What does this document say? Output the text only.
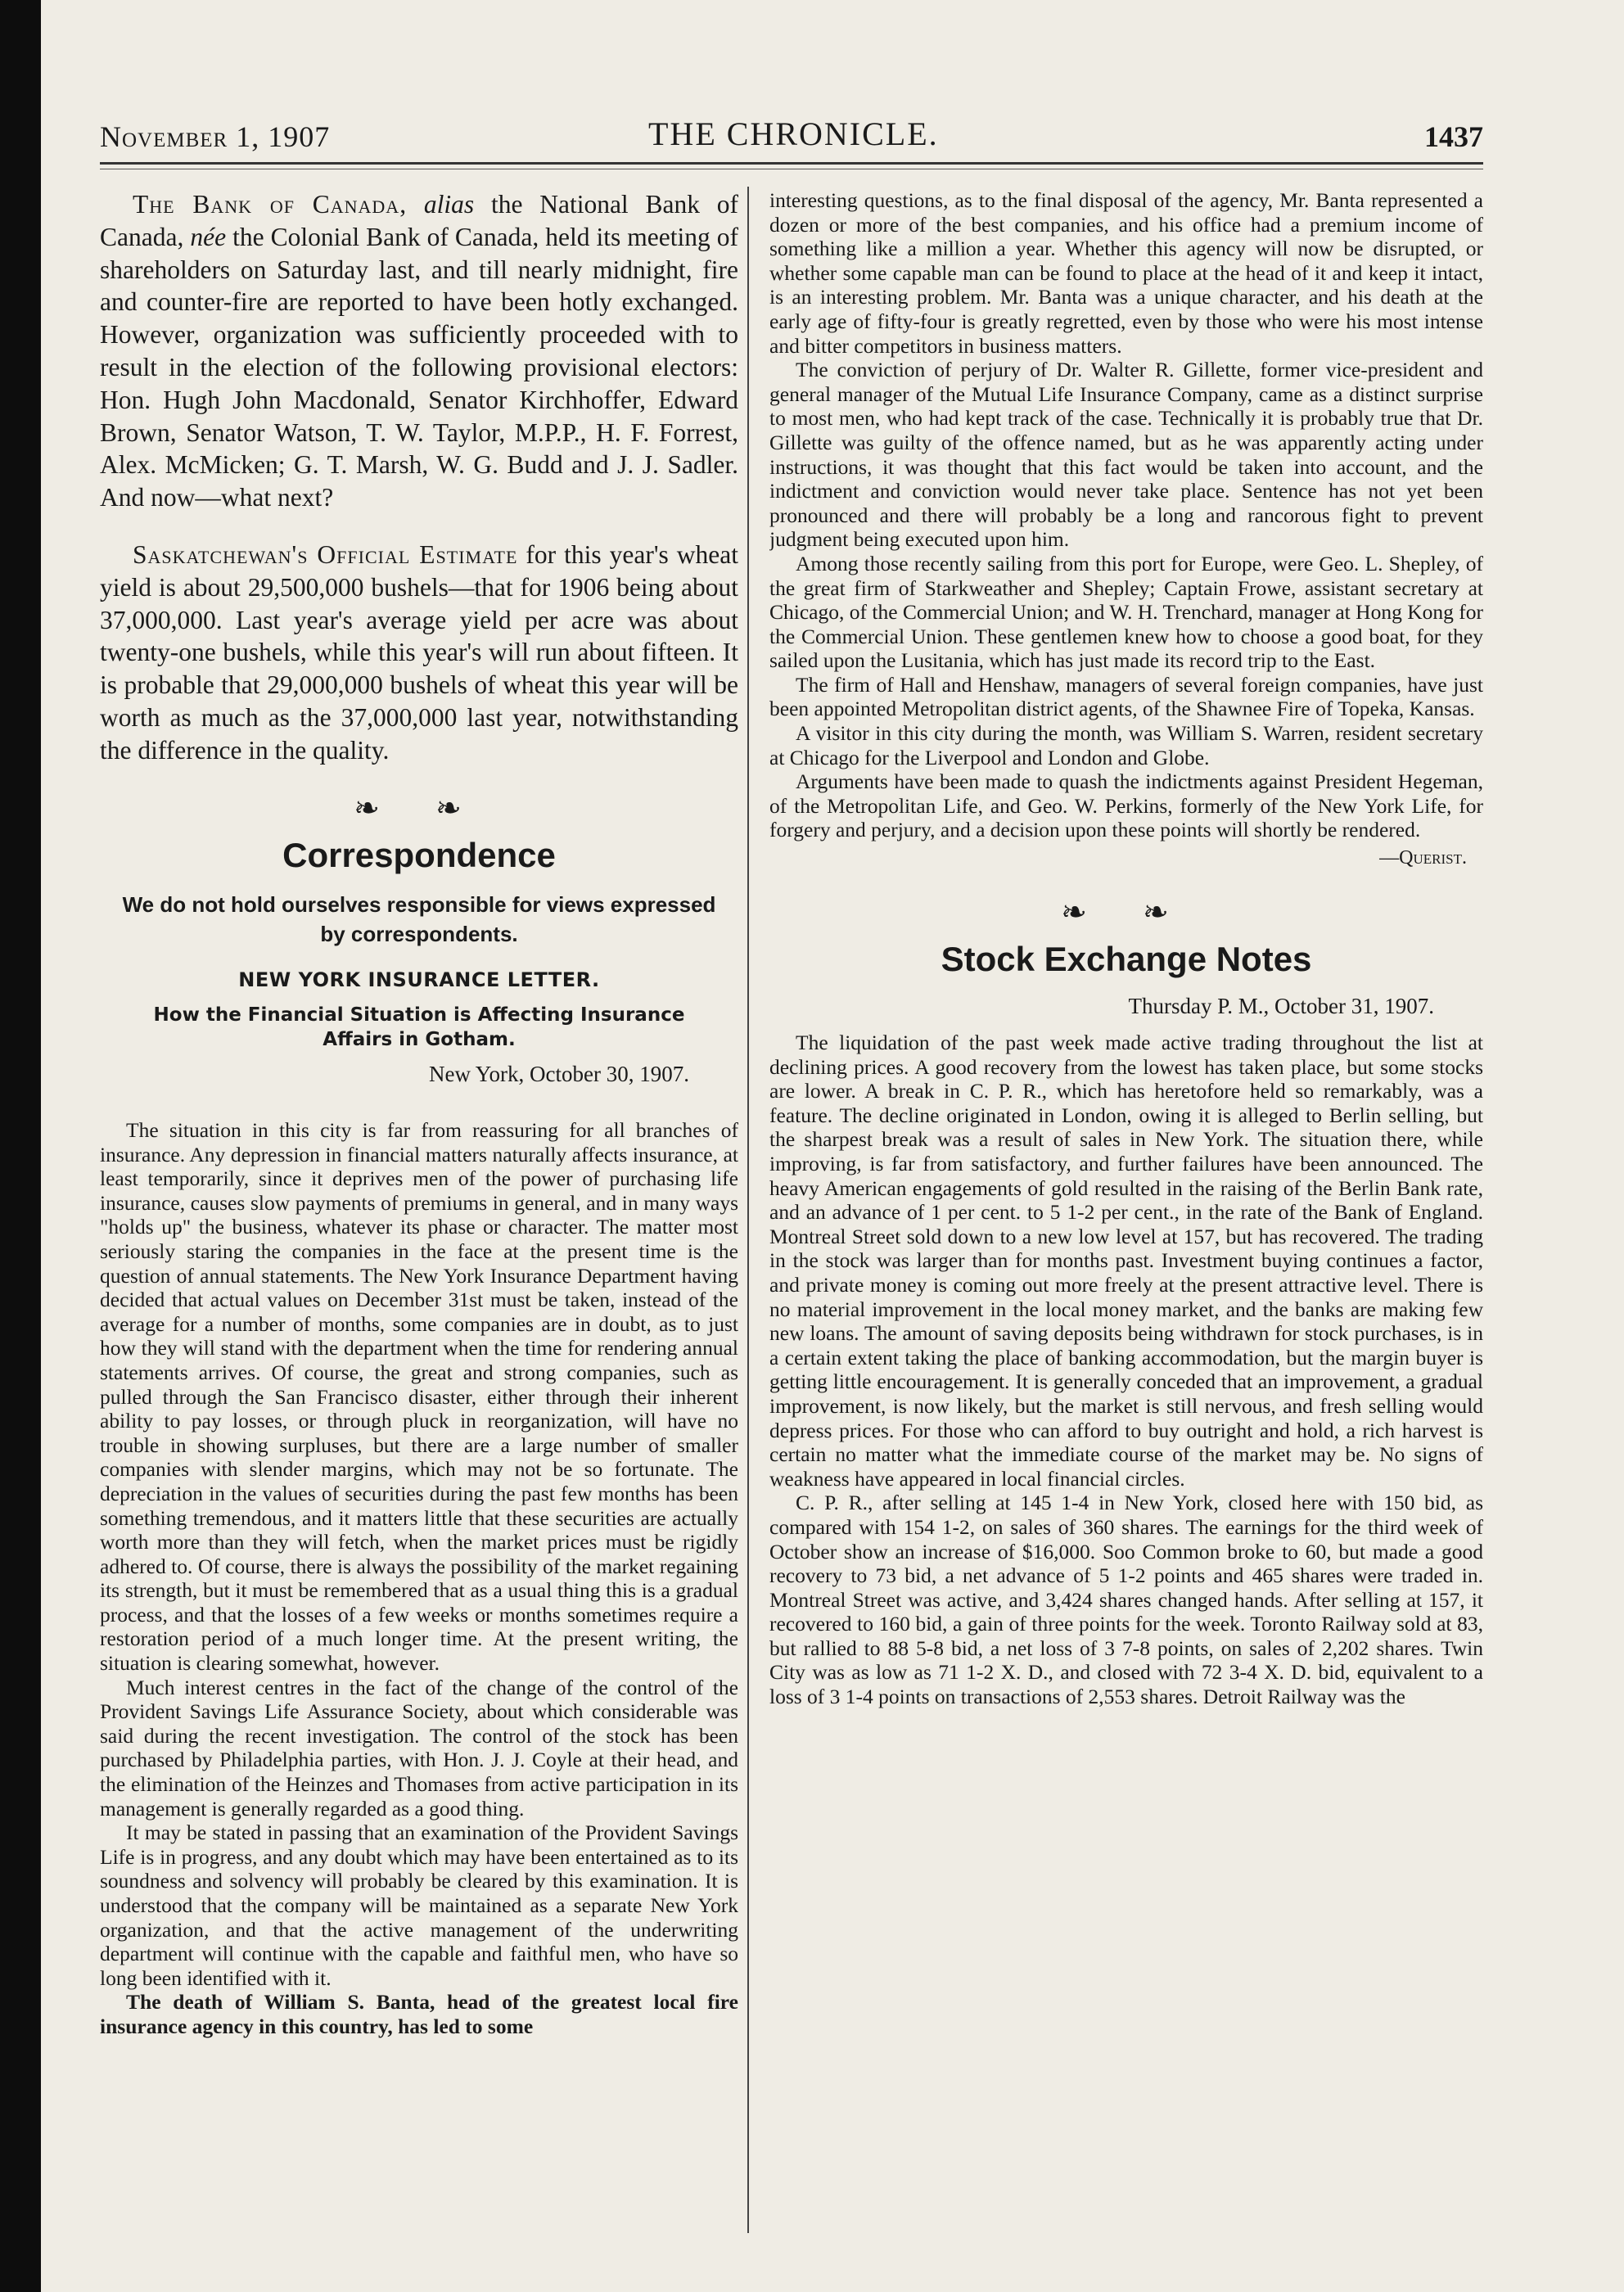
November 1, 1907	THE CHRONICLE.	1437

The Bank of Canada, alias the National Bank of Canada, née the Colonial Bank of Canada, held its meeting of shareholders on Saturday last, and till nearly midnight, fire and counter-fire are reported to have been hotly exchanged. However, organization was sufficiently proceeded with to result in the election of the following provisional electors: Hon. Hugh John Macdonald, Senator Kirchhoffer, Edward Brown, Senator Watson, T. W. Taylor, M.P.P., H. F. Forrest, Alex. McMicken; G. T. Marsh, W. G. Budd and J. J. Sadler. And now—what next?

Saskatchewan's Official Estimate for this year's wheat yield is about 29,500,000 bushels—that for 1906 being about 37,000,000. Last year's average yield per acre was about twenty-one bushels, while this year's will run about fifteen. It is probable that 29,000,000 bushels of wheat this year will be worth as much as the 37,000,000 last year, notwithstanding the difference in the quality.

❧ ❧
Correspondence
We do not hold ourselves responsible for views expressed
by correspondents.
NEW YORK INSURANCE LETTER.
How the Financial Situation is Affecting Insurance
Affairs in Gotham.
New York, October 30, 1907.

The situation in this city is far from reassuring for all branches of insurance. Any depression in financial matters naturally affects insurance, at least temporarily, since it deprives men of the power of purchasing life insurance, causes slow payments of premiums in general, and in many ways "holds up" the business, whatever its phase or character. The matter most seriously staring the companies in the face at the present time is the question of annual statements. The New York Insurance Department having decided that actual values on December 31st must be taken, instead of the average for a number of months, some companies are in doubt, as to just how they will stand with the department when the time for rendering annual statements arrives. Of course, the great and strong companies, such as pulled through the San Francisco disaster, either through their inherent ability to pay losses, or through pluck in reorganization, will have no trouble in showing surpluses, but there are a large number of smaller companies with slender margins, which may not be so fortunate. The depreciation in the values of securities during the past few months has been something tremendous, and it matters little that these securities are actually worth more than they will fetch, when the market prices must be rigidly adhered to. Of course, there is always the possibility of the market regaining its strength, but it must be remembered that as a usual thing this is a gradual process, and that the losses of a few weeks or months sometimes require a restoration period of a much longer time. At the present writing, the situation is clearing somewhat, however.

Much interest centres in the fact of the change of the control of the Provident Savings Life Assurance Society, about which considerable was said during the recent investigation. The control of the stock has been purchased by Philadelphia parties, with Hon. J. J. Coyle at their head, and the elimination of the Heinzes and Thomases from active participation in its management is generally regarded as a good thing.

It may be stated in passing that an examination of the Provident Savings Life is in progress, and any doubt which may have been entertained as to its soundness and solvency will probably be cleared by this examination. It is understood that the company will be maintained as a separate New York organization, and that the active management of the underwriting department will continue with the capable and faithful men, who have so long been identified with it.

The death of William S. Banta, head of the greatest local fire insurance agency in this country, has led to some

interesting questions, as to the final disposal of the agency, Mr. Banta represented a dozen or more of the best companies, and his office had a premium income of something like a million a year. Whether this agency will now be disrupted, or whether some capable man can be found to place at the head of it and keep it intact, is an interesting problem. Mr. Banta was a unique character, and his death at the early age of fifty-four is greatly regretted, even by those who were his most intense and bitter competitors in business matters.

The conviction of perjury of Dr. Walter R. Gillette, former vice-president and general manager of the Mutual Life Insurance Company, came as a distinct surprise to most men, who had kept track of the case. Technically it is probably true that Dr. Gillette was guilty of the offence named, but as he was apparently acting under instructions, it was thought that this fact would be taken into account, and the indictment and conviction would never take place. Sentence has not yet been pronounced and there will probably be a long and rancorous fight to prevent judgment being executed upon him.

Among those recently sailing from this port for Europe, were Geo. L. Shepley, of the great firm of Starkweather and Shepley; Captain Frowe, assistant secretary at Chicago, of the Commercial Union; and W. H. Trenchard, manager at Hong Kong for the Commercial Union. These gentlemen knew how to choose a good boat, for they sailed upon the Lusitania, which has just made its record trip to the East.

The firm of Hall and Henshaw, managers of several foreign companies, have just been appointed Metropolitan district agents, of the Shawnee Fire of Topeka, Kansas.

A visitor in this city during the month, was William S. Warren, resident secretary at Chicago for the Liverpool and London and Globe.

Arguments have been made to quash the indictments against President Hegeman, of the Metropolitan Life, and Geo. W. Perkins, formerly of the New York Life, for forgery and perjury, and a decision upon these points will shortly be rendered.

—Querist.
❧ ❧
Stock Exchange Notes
Thursday P. M., October 31, 1907.

The liquidation of the past week made active trading throughout the list at declining prices. A good recovery from the lowest has taken place, but some stocks are lower. A break in C. P. R., which has heretofore held so remarkably, was a feature. The decline originated in London, owing it is alleged to Berlin selling, but the sharpest break was a result of sales in New York. The situation there, while improving, is far from satisfactory, and further failures have been announced. The heavy American engagements of gold resulted in the raising of the Berlin Bank rate, and an advance of 1 per cent. to 5 1-2 per cent., in the rate of the Bank of England. Montreal Street sold down to a new low level at 157, but has recovered. The trading in the stock was larger than for months past. Investment buying continues a factor, and private money is coming out more freely at the present attractive level. There is no material improvement in the local money market, and the banks are making few new loans. The amount of saving deposits being withdrawn for stock purchases, is in a certain extent taking the place of banking accommodation, but the margin buyer is getting little encouragement. It is generally conceded that an improvement, a gradual improvement, is now likely, but the market is still nervous, and fresh selling would depress prices. For those who can afford to buy outright and hold, a rich harvest is certain no matter what the immediate course of the market may be. No signs of weakness have appeared in local financial circles.

C. P. R., after selling at 145 1-4 in New York, closed here with 150 bid, as compared with 154 1-2, on sales of 360 shares. The earnings for the third week of October show an increase of $16,000. Soo Common broke to 60, but made a good recovery to 73 bid, a net advance of 5 1-2 points and 465 shares were traded in. Montreal Street was active, and 3,424 shares changed hands. After selling at 157, it recovered to 160 bid, a gain of three points for the week. Toronto Railway sold at 83, but rallied to 88 5-8 bid, a net loss of 3 7-8 points, on sales of 2,202 shares. Twin City was as low as 71 1-2 X. D., and closed with 72 3-4 X. D. bid, equivalent to a loss of 3 1-4 points on transactions of 2,553 shares. Detroit Railway was the
